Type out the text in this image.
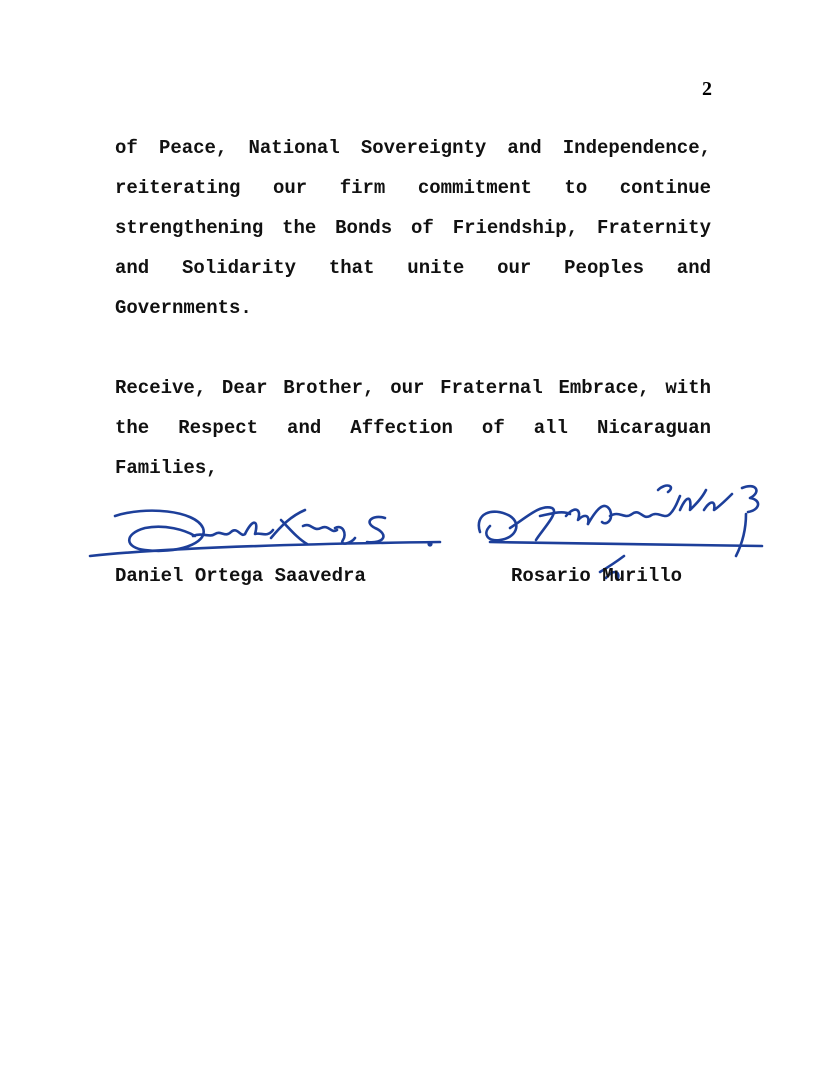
2

of Peace, National Sovereignty and Independence, reiterating our firm commitment to continue strengthening the Bonds of Friendship, Fraternity and Solidarity that unite our Peoples and Governments.

Receive, Dear Brother, our Fraternal Embrace, with the Respect and Affection of all Nicaraguan Families,

Daniel Ortega Saavedra	Rosario Murillo
